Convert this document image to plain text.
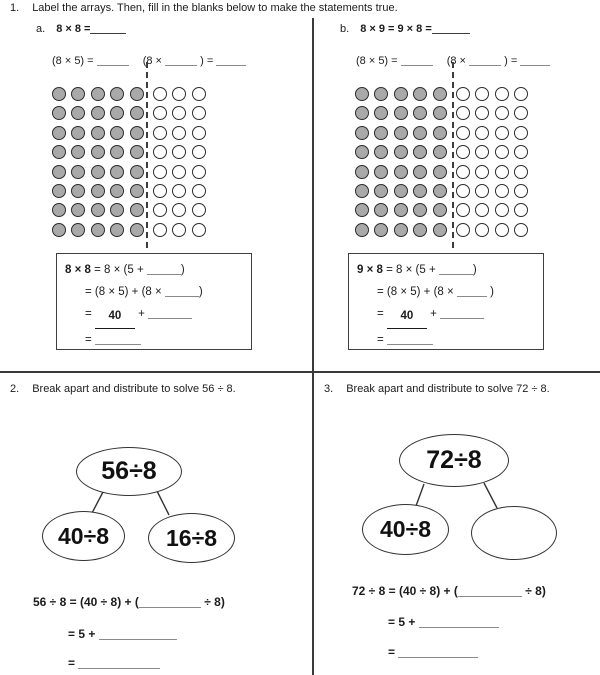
1. Label the arrays. Then, fill in the blanks below to make the statements true.
a. 8 × 8 =
(8 × 5) =	(8 ×	) =
8 × 8 = 8 × (5 +	)
= (8 × 5) + (8 ×	)
= 40 +
=
b. 8 × 9 = 9 × 8 =
(8 × 5) =	(8 ×	) =
9 × 8 = 8 × (5 +	)
= (8 × 5) + (8 ×	)
= 40 +
=
2. Break apart and distribute to solve 56 ÷ 8.
56÷8
40÷8 16÷8
56 ÷ 8 = (40 ÷ 8) + (	÷ 8)
= 5 +
=
3. Break apart and distribute to solve 72 ÷ 8.
72÷8
40÷8
72 ÷ 8 = (40 ÷ 8) + (	÷ 8)
= 5 +
=
